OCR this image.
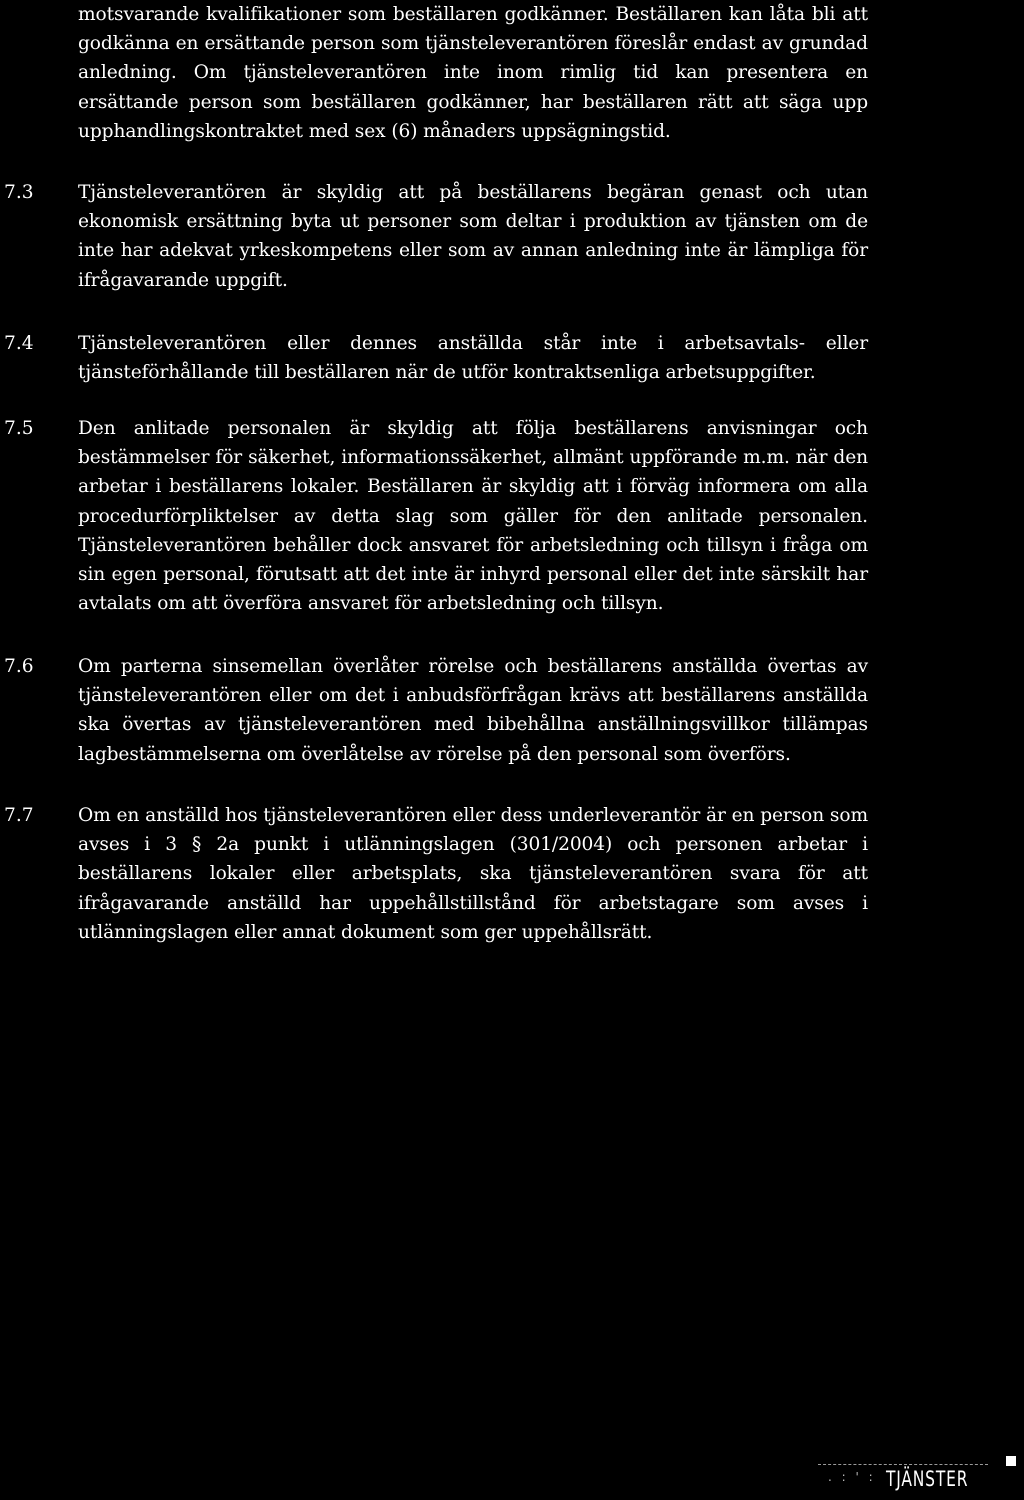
motsvarande kvalifikationer som beställaren godkänner. Beställaren kan låta bli att godkänna en ersättande person som tjänsteleverantören föreslår endast av grundad anledning. Om tjänsteleverantören inte inom rimlig tid kan presentera en ersättande person som beställaren godkänner, har beställaren rätt att säga upp upphandlingskontraktet med sex (6) månaders uppsägningstid.

7.3	Tjänsteleverantören är skyldig att på beställarens begäran genast och utan ekonomisk ersättning byta ut personer som deltar i produktion av tjänsten om de inte har adekvat yrkeskompetens eller som av annan anledning inte är lämpliga för ifrågavarande uppgift.

7.4	Tjänsteleverantören eller dennes anställda står inte i arbetsavtals- eller tjänsteförhållande till beställaren när de utför kontraktsenliga arbetsuppgifter.

7.5	Den anlitade personalen är skyldig att följa beställarens anvisningar och bestämmelser för säkerhet, informationssäkerhet, allmänt uppförande m.m. när den arbetar i beställarens lokaler. Beställaren är skyldig att i förväg informera om alla procedurförpliktelser av detta slag som gäller för den anlitade personalen. Tjänsteleverantören behåller dock ansvaret för arbetsledning och tillsyn i fråga om sin egen personal, förutsatt att det inte är inhyrd personal eller det inte särskilt har avtalats om att överföra ansvaret för arbetsledning och tillsyn.

7.6	Om parterna sinsemellan överlåter rörelse och beställarens anställda övertas av tjänsteleverantören eller om det i anbudsförfrågan krävs att beställarens anställda ska övertas av tjänsteleverantören med bibehållna anställningsvillkor tillämpas lagbestämmelserna om överlåtelse av rörelse på den personal som överförs.

7.7	Om en anställd hos tjänsteleverantören eller dess underleverantör är en person som avses i 3 § 2a punkt i utlänningslagen (301/2004) och personen arbetar i beställarens lokaler eller arbetsplats, ska tjänsteleverantören svara för att ifrågavarande anställd har uppehållstillstånd för arbetstagare som avses i utlänningslagen eller annat dokument som ger uppehållsrätt.

. : ' : TJÄNSTER
